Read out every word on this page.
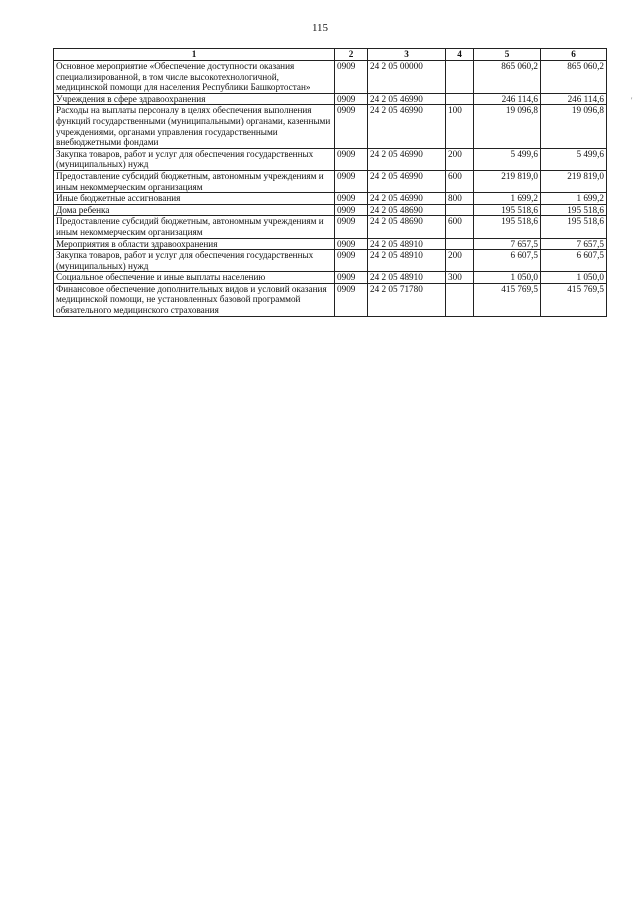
115
'
1	2	3	4	5	6
Основное мероприятие «Обеспечение доступности оказания специализированной, в том числе высокотехнологичной, медицинской помощи для населения Республики Башкортостан»	0909	24 2 05 00000		865 060,2	865 060,2
Учреждения в сфере здравоохранения	0909	24 2 05 46990		246 114,6	246 114,6
Расходы на выплаты персоналу в целях обеспечения выполнения функций государственными (муниципальными) органами, казенными учреждениями, органами управления государственными внебюджетными фондами	0909	24 2 05 46990	100	19 096,8	19 096,8
Закупка товаров, работ и услуг для обеспечения государственных (муниципальных) нужд	0909	24 2 05 46990	200	5 499,6	5 499,6
Предоставление субсидий бюджетным, автономным учреждениям и иным некоммерческим организациям	0909	24 2 05 46990	600	219 819,0	219 819,0
Иные бюджетные ассигнования	0909	24 2 05 46990	800	1 699,2	1 699,2
Дома ребенка	0909	24 2 05 48690		195 518,6	195 518,6
Предоставление субсидий бюджетным, автономным учреждениям и иным некоммерческим организациям	0909	24 2 05 48690	600	195 518,6	195 518,6
Мероприятия в области здравоохранения	0909	24 2 05 48910		7 657,5	7 657,5
Закупка товаров, работ и услуг для обеспечения государственных (муниципальных) нужд	0909	24 2 05 48910	200	6 607,5	6 607,5
Социальное обеспечение и иные выплаты населению	0909	24 2 05 48910	300	1 050,0	1 050,0
Финансовое обеспечение дополнительных видов и условий оказания медицинской помощи, не установленных базовой программой обязательного медицинского страхования	0909	24 2 05 71780		415 769,5	415 769,5
